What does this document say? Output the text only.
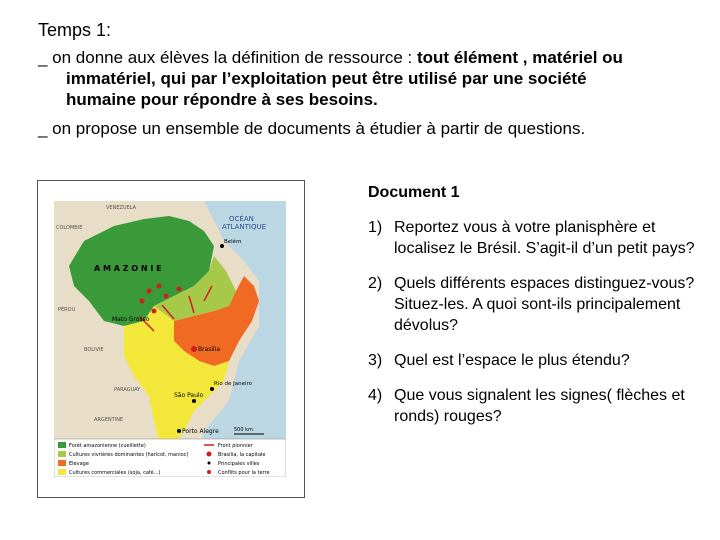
Temps 1:
_ on donne aux élèves la définition de ressource : tout élément , matériel ou
immatériel, qui par l’exploitation peut être utilisé par une société
humaine pour répondre à ses besoins.
_ on propose un ensemble de documents à étudier à partir de questions.
OCÉAN
ATLANTIQUE
A M A Z O N I E
Mato Grosso
Brasilia
Rio de Janeiro
São Paulo
Porto Alegre
Belém
COLOMBIE
VENEZUELA
PÉROU
BOLIVIE
PARAGUAY
ARGENTINE
500 km
Forêt amazonienne (cueillette)
Cultures vivrières dominantes (haricot, manioc)
Elevage
Cultures commerciales (soja, café...)
Front pionnier
Brasilia, la capitale
Principales villes
Conflits pour la terre
Document 1
1) Reportez vous à votre planisphère et localisez le Brésil. S’agit-il d’un petit pays?
2) Quels différents espaces distinguez-vous? Situez-les. A quoi sont-ils principalement dévolus?
3) Quel est l’espace le plus étendu?
4) Que vous signalent les signes( flèches et ronds) rouges?
